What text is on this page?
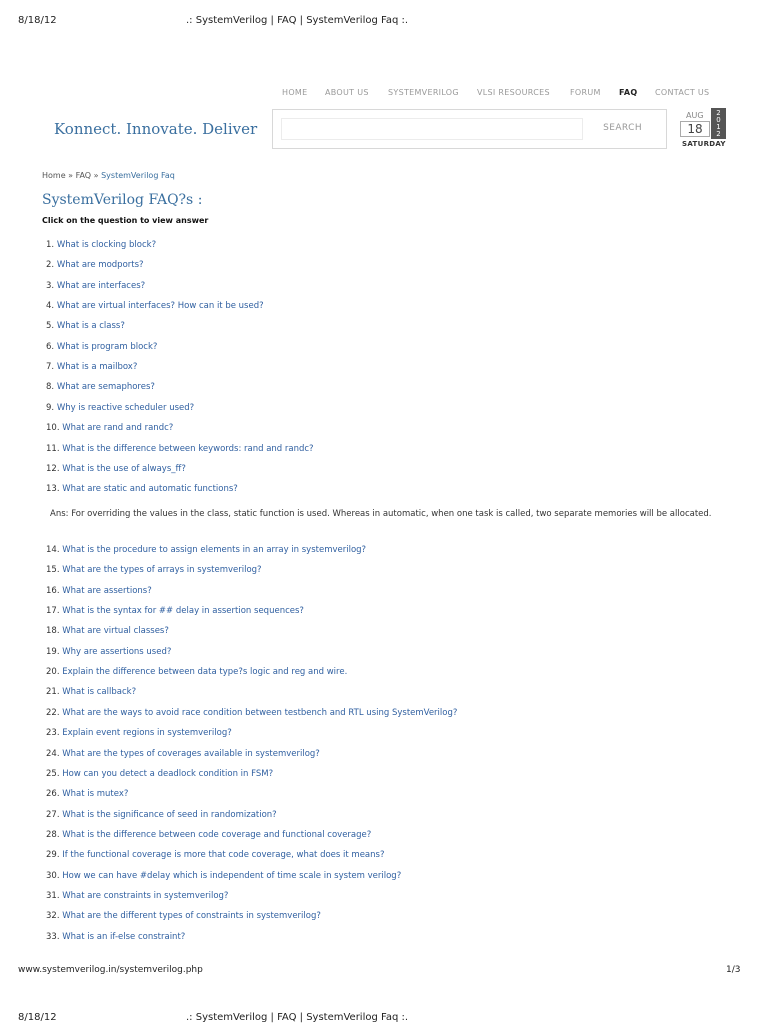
8/18/12	.: SystemVerilog | FAQ | SystemVerilog Faq :.
HOME ABOUT US SYSTEMVERILOG VLSI RESOURCES	FORUM FAQ CONTACT US
Konnect. Innovate. Deliver	SEARCH
AUG
18
2
0
1
2
SATURDAY
Home » FAQ » SystemVerilog Faq
SystemVerilog FAQ?s :
Click on the question to view answer
1. What is clocking block?
2. What are modports?
3. What are interfaces?
4. What are virtual interfaces? How can it be used?
5. What is a class?
6. What is program block?
7. What is a mailbox?
8. What are semaphores?
9. Why is reactive scheduler used?
10. What are rand and randc?
11. What is the difference between keywords: rand and randc?
12. What is the use of always_ff?
13. What are static and automatic functions?
14. What is the procedure to assign elements in an array in systemverilog?
15. What are the types of arrays in systemverilog?
16. What are assertions?
17. What is the syntax for ## delay in assertion sequences?
18. What are virtual classes?
19. Why are assertions used?
20. Explain the difference between data type?s logic and reg and wire.
21. What is callback?
22. What are the ways to avoid race condition between testbench and RTL using SystemVerilog?
23. Explain event regions in systemverilog?
24. What are the types of coverages available in systemverilog?
25. How can you detect a deadlock condition in FSM?
26. What is mutex?
27. What is the significance of seed in randomization?
28. What is the difference between code coverage and functional coverage?
29. If the functional coverage is more that code coverage, what does it means?
30. How we can have #delay which is independent of time scale in system verilog?
31. What are constraints in systemverilog?
32. What are the different types of constraints in systemverilog?
33. What is an if-else constraint?
Ans: For overriding the values in the class, static function is used. Whereas in automatic, when one task is called, two separate memories will be allocated.
www.systemverilog.in/systemverilog.php	1/3
8/18/12	.: SystemVerilog | FAQ | SystemVerilog Faq :.
